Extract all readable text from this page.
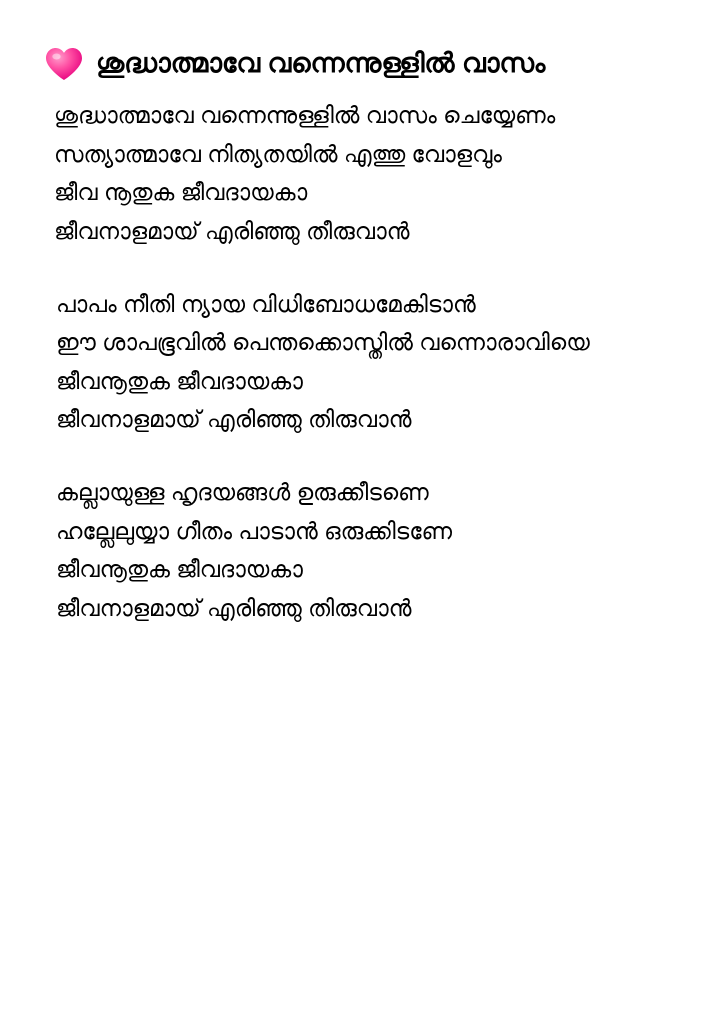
ശുദ്ധാത്മാവേ വന്നെന്നുള്ളിൽ വാസം
ശുദ്ധാത്മാവേ വന്നെന്നുള്ളിൽ വാസം ചെയ്യേണം
സത്യാത്മാവേ നിത്യതയിൽ എത്തു വോളവും
ജീവ നൂതുക ജീവദായകാ
ജീവനാളമായ് എരിഞ്ഞു തീരുവാൻ
പാപം നീതി ന്യായ വിധിബോധമേകിടാൻ
ഈ ശാപഭൂവിൽ പെന്തക്കൊസ്തിൽ വന്നൊരാവിയെ
ജീവനൂതുക ജീവദായകാ
ജീവനാളമായ് എരിഞ്ഞു തിരുവാൻ
കല്ലായുള്ള ഹൃദയങ്ങൾ ഉരുക്കീടണെ
ഹല്ലേലുയ്യാ ഗീതം പാടാൻ ഒരുക്കിടണേ
ജീവനൂതുക ജീവദായകാ
ജീവനാളമായ് എരിഞ്ഞു തിരുവാൻ
